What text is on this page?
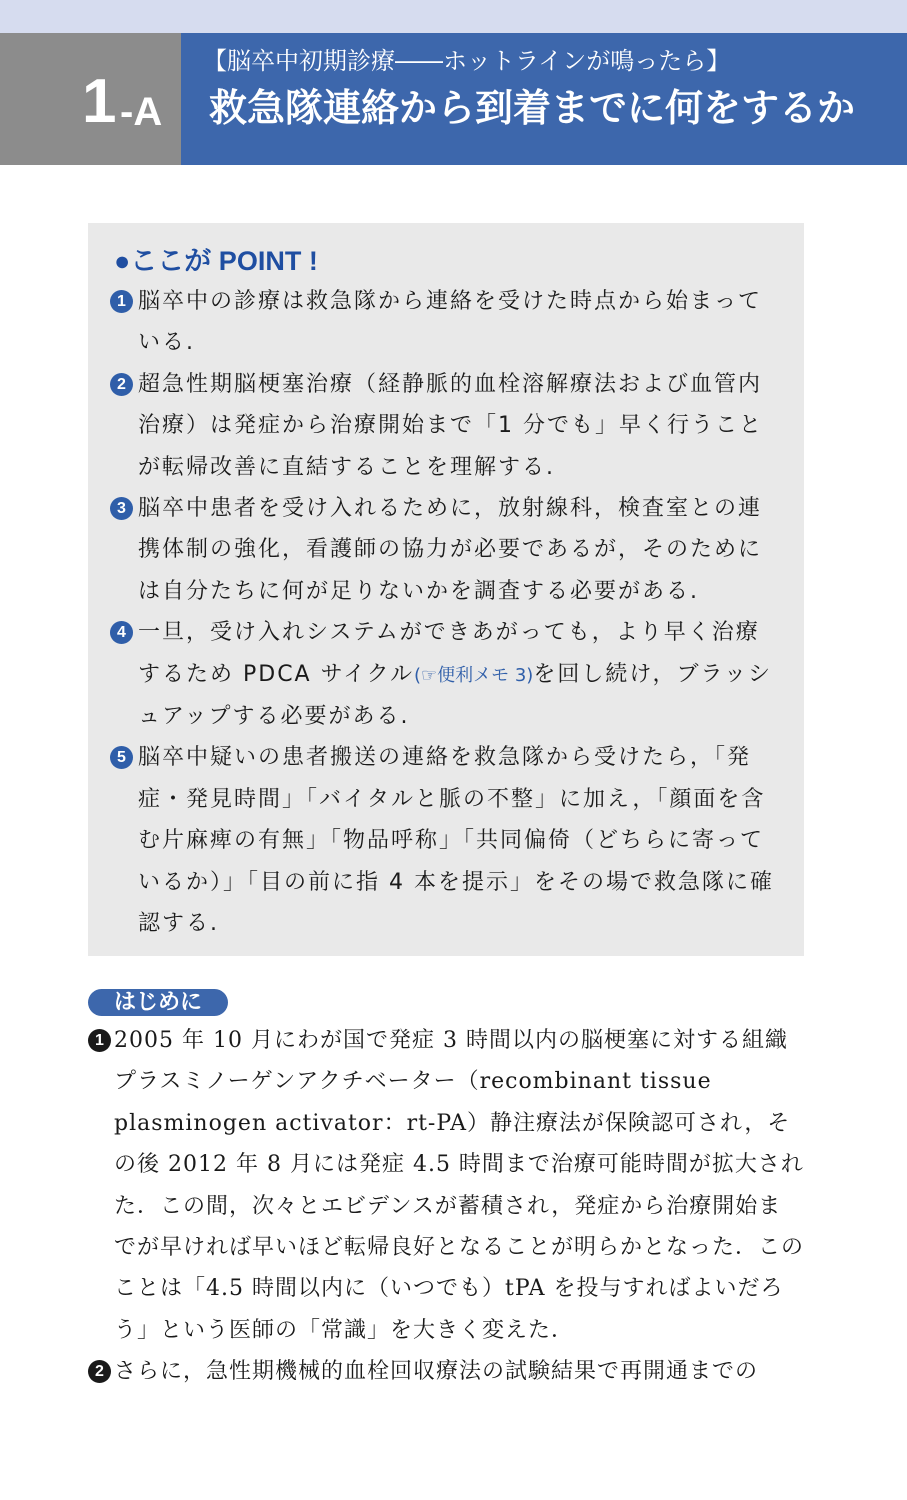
1 -A
【脳卒中初期診療――ホットラインが鳴ったら】
救急隊連絡から到着までに何をするか
●ここが POINT !
1 脳卒中の診療は救急隊から連絡を受けた時点から始まっている.
2 超急性期脳梗塞治療（経静脈的血栓溶解療法および血管内治療）は発症から治療開始まで「1 分でも」早く行うことが転帰改善に直結することを理解する.
3 脳卒中患者を受け入れるために，放射線科，検査室との連携体制の強化，看護師の協力が必要であるが，そのためには自分たちに何が足りないかを調査する必要がある.
4 一旦，受け入れシステムができあがっても，より早く治療するため PDCA サイクル(☞便利メモ 3)を回し続け，ブラッシュアップする必要がある.
5 脳卒中疑いの患者搬送の連絡を救急隊から受けたら，「発症・発見時間」「バイタルと脈の不整」に加え，「顔面を含む片麻痺の有無」「物品呼称」「共同偏倚（どちらに寄っているか）」「目の前に指 4 本を提示」をその場で救急隊に確認する.
はじめに
1 2005 年 10 月にわが国で発症 3 時間以内の脳梗塞に対する組織プラスミノーゲンアクチベーター（recombinant tissue plasminogen activator：rt-PA）静注療法が保険認可され，その後 2012 年 8 月には発症 4.5 時間まで治療可能時間が拡大された．この間，次々とエビデンスが蓄積され，発症から治療開始までが早ければ早いほど転帰良好となることが明らかとなった．このことは「4.5 時間以内に（いつでも）tPA を投与すればよいだろう」という医師の「常識」を大きく変えた．
2 さらに，急性期機械的血栓回収療法の試験結果で再開通までの
